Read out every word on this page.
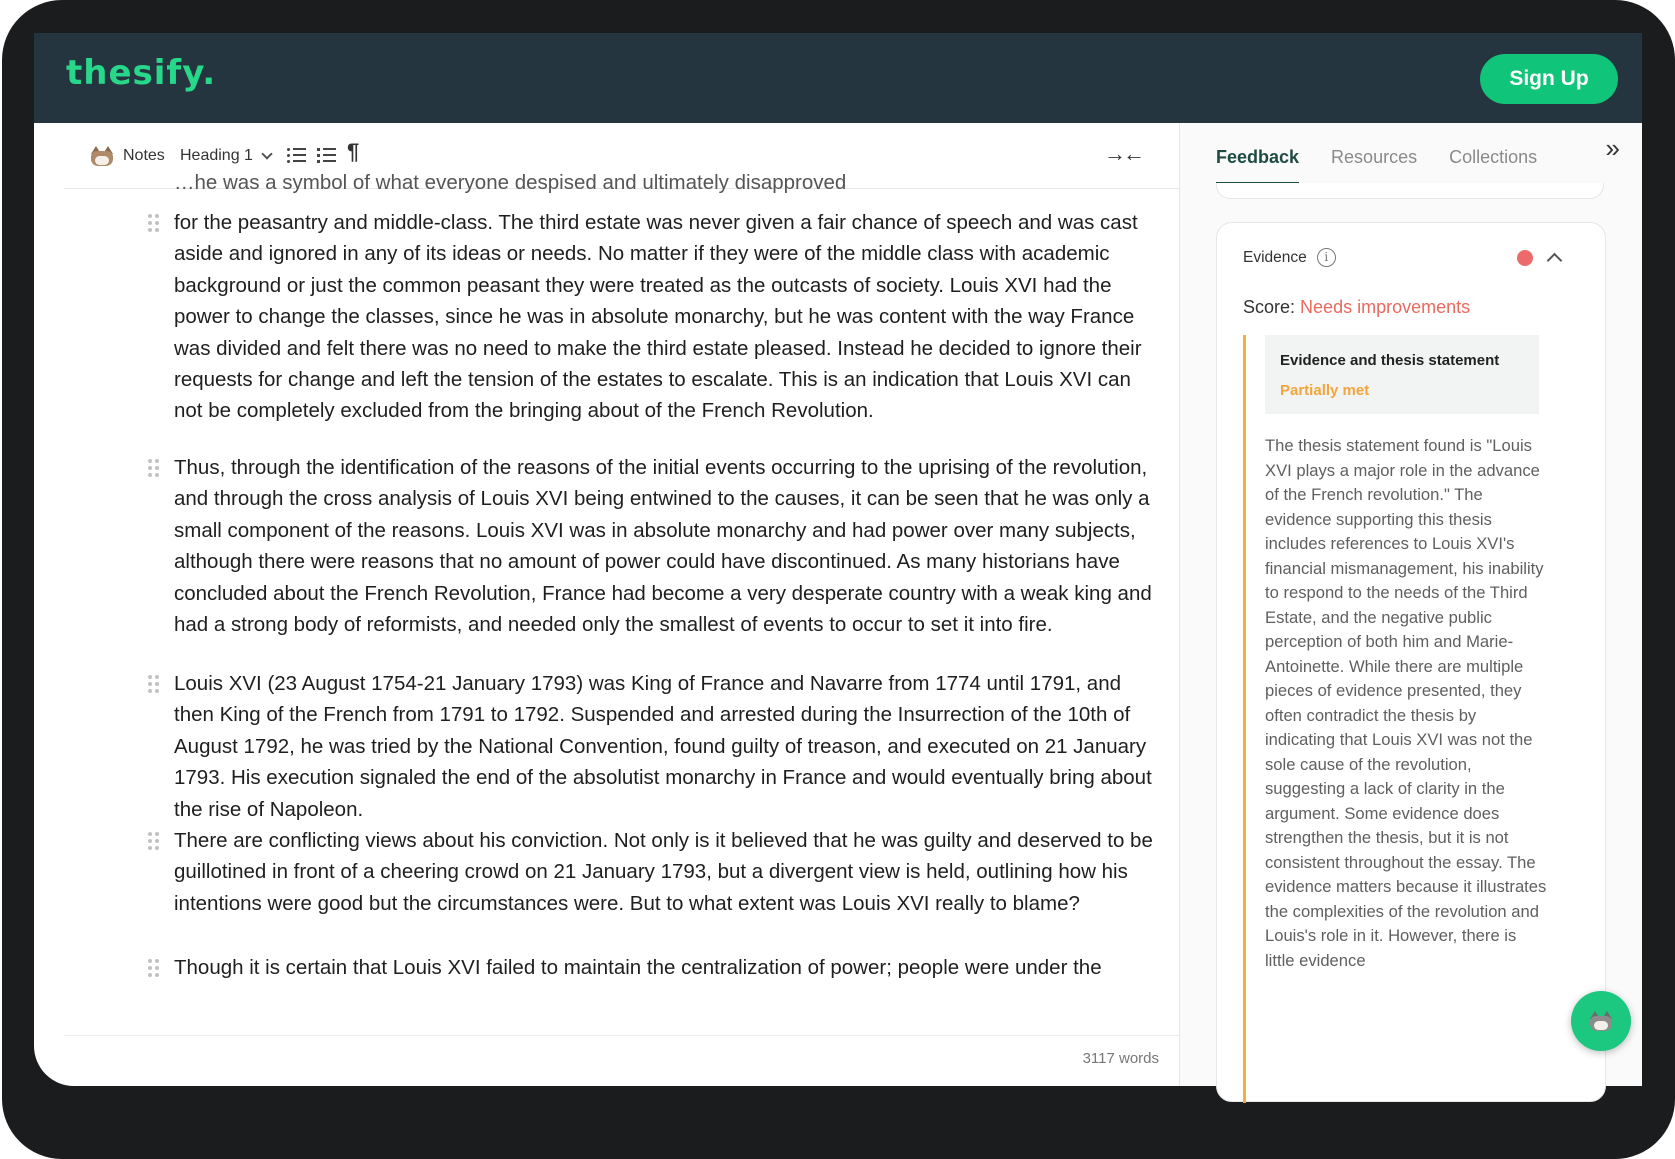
thesify.	Sign Up
Notes Heading 1	¶	→←
…he was a symbol of what everyone despised and ultimately disapproved
for the peasantry and middle-class. The third estate was never given a fair chance of speech and was cast aside and ignored in any of its ideas or needs. No matter if they were of the middle class with academic background or just the common peasant they were treated as the outcasts of society. Louis XVI had the power to change the classes, since he was in absolute monarchy, but he was content with the way France was divided and felt there was no need to make the third estate pleased. Instead he decided to ignore their requests for change and left the tension of the estates to escalate. This is an indication that Louis XVI can not be completely excluded from the bringing about of the French Revolution.
Thus, through the identification of the reasons of the initial events occurring to the uprising of the revolution, and through the cross analysis of Louis XVI being entwined to the causes, it can be seen that he was only a small component of the reasons. Louis XVI was in absolute monarchy and had power over many subjects, although there were reasons that no amount of power could have discontinued. As many historians have concluded about the French Revolution, France had become a very desperate country with a weak king and had a strong body of reformists, and needed only the smallest of events to occur to set it into fire.
Louis XVI (23 August 1754-21 January 1793) was King of France and Navarre from 1774 until 1791, and then King of the French from 1791 to 1792. Suspended and arrested during the Insurrection of the 10th of August 1792, he was tried by the National Convention, found guilty of treason, and executed on 21 January 1793. His execution signaled the end of the absolutist monarchy in France and would eventually bring about the rise of Napoleon.
There are conflicting views about his conviction. Not only is it believed that he was guilty and deserved to be guillotined in front of a cheering crowd on 21 January 1793, but a divergent view is held, outlining how his intentions were good but the circumstances were. But to what extent was Louis XVI really to blame?
Though it is certain that Louis XVI failed to maintain the centralization of power; people were under the
3117 words
Feedback Resources Collections	»
Evidence	i
Score: Needs improvements
Evidence and thesis statement
Partially met
The thesis statement found is "Louis XVI plays a major role in the advance of the French revolution." The evidence supporting this thesis includes references to Louis XVI's financial mismanagement, his inability to respond to the needs of the Third Estate, and the negative public perception of both him and Marie-Antoinette. While there are multiple pieces of evidence presented, they often contradict the thesis by indicating that Louis XVI was not the sole cause of the revolution, suggesting a lack of clarity in the argument. Some evidence does strengthen the thesis, but it is not consistent throughout the essay. The evidence matters because it illustrates the complexities of the revolution and Louis's role in it. However, there is little evidence
